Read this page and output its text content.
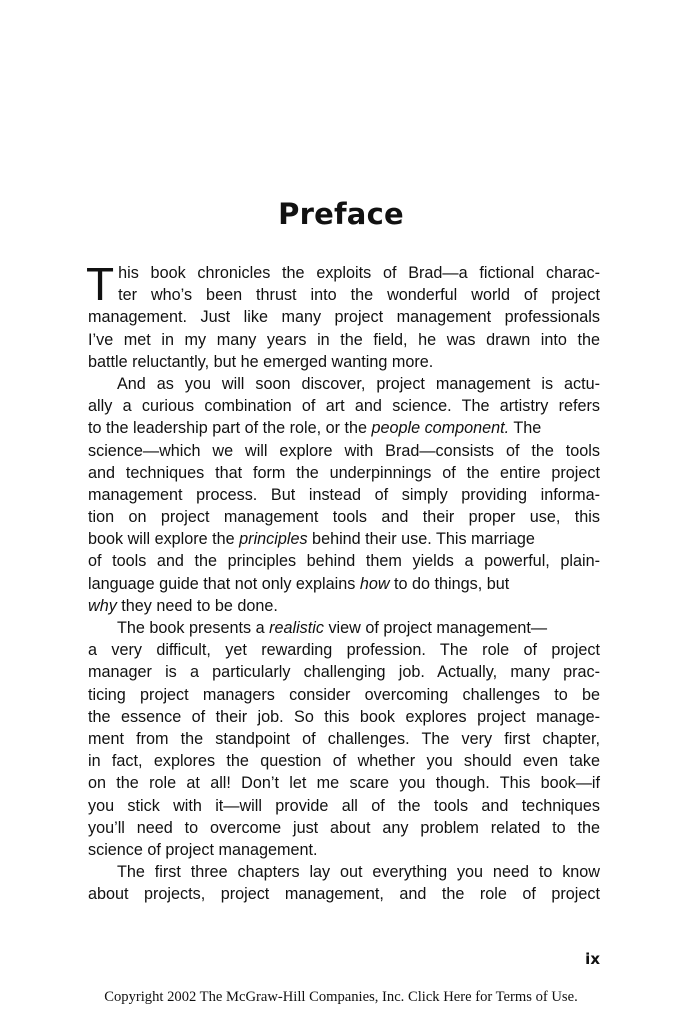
Preface
T his book chronicles the exploits of Brad—a fictional charac-
ter who’s been thrust into the wonderful world of project
management. Just like many project management professionals
I’ve met in my many years in the field, he was drawn into the
battle reluctantly, but he emerged wanting more.
And as you will soon discover, project management is actu-
ally a curious combination of art and science. The artistry refers
to the leadership part of the role, or the people component. The
science—which we will explore with Brad—consists of the tools
and techniques that form the underpinnings of the entire project
management process. But instead of simply providing informa-
tion on project management tools and their proper use, this
book will explore the principles behind their use. This marriage
of tools and the principles behind them yields a powerful, plain-
language guide that not only explains how to do things, but
why they need to be done.
The book presents a realistic view of project management—
a very difficult, yet rewarding profession. The role of project
manager is a particularly challenging job. Actually, many prac-
ticing project managers consider overcoming challenges to be
the essence of their job. So this book explores project manage-
ment from the standpoint of challenges. The very first chapter,
in fact, explores the question of whether you should even take
on the role at all! Don’t let me scare you though. This book—if
you stick with it—will provide all of the tools and techniques
you’ll need to overcome just about any problem related to the
science of project management.
The first three chapters lay out everything you need to know
about projects, project management, and the role of project
ix
Copyright 2002 The McGraw-Hill Companies, Inc. Click Here for Terms of Use.
